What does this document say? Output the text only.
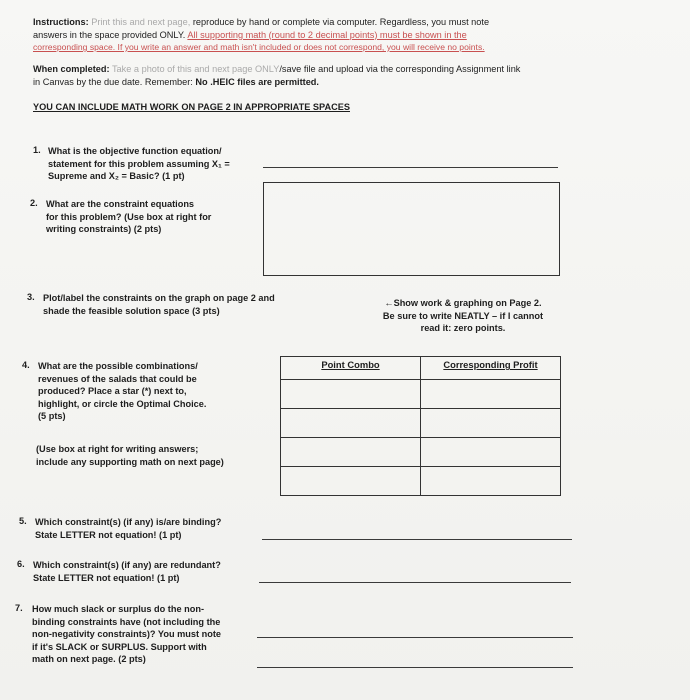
Instructions: Print this and next page, reproduce by hand or complete via computer. Regardless, you must note
answers in the space provided ONLY. All supporting math (round to 2 decimal points) must be shown in the
corresponding space. If you write an answer and math isn't included or does not correspond, you will receive no points.
When completed: Take a photo of this and next page ONLY/save file and upload via the corresponding Assignment link
in Canvas by the due date. Remember: No .HEIC files are permitted.
YOU CAN INCLUDE MATH WORK ON PAGE 2 IN APPROPRIATE SPACES
1. What is the objective function equation/
statement for this problem assuming X₁ =
Supreme and X₂ = Basic? (1 pt)
2. What are the constraint equations
for this problem? (Use box at right for
writing constraints) (2 pts)
3. Plot/label the constraints on the graph on page 2 and
shade the feasible solution space (3 pts)
←Show work & graphing on Page 2.
Be sure to write NEATLY – if I cannot
read it: zero points.
4. What are the possible combinations/
revenues of the salads that could be
produced? Place a star (*) next to,
highlight, or circle the Optimal Choice.
(5 pts)
(Use box at right for writing answers;
include any supporting math on next page)
Point Combo	Corresponding Profit

5. Which constraint(s) (if any) is/are binding?
State LETTER not equation! (1 pt)
6. Which constraint(s) (if any) are redundant?
State LETTER not equation! (1 pt)
7. How much slack or surplus do the non-
binding constraints have (not including the
non-negativity constraints)? You must note
if it's SLACK or SURPLUS. Support with
math on next page. (2 pts)
